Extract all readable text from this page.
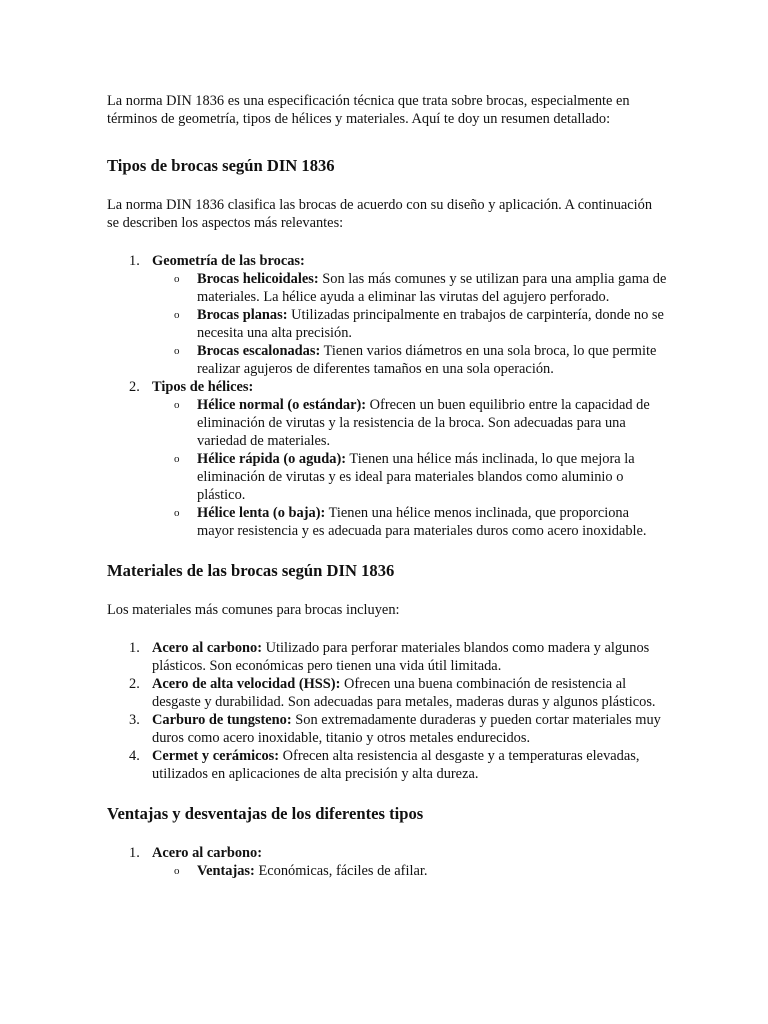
La norma DIN 1836 es una especificación técnica que trata sobre brocas, especialmente en términos de geometría, tipos de hélices y materiales. Aquí te doy un resumen detallado:

Tipos de brocas según DIN 1836

La norma DIN 1836 clasifica las brocas de acuerdo con su diseño y aplicación. A continuación se describen los aspectos más relevantes:

1. Geometría de las brocas:
o Brocas helicoidales: Son las más comunes y se utilizan para una amplia gama de materiales. La hélice ayuda a eliminar las virutas del agujero perforado.
o Brocas planas: Utilizadas principalmente en trabajos de carpintería, donde no se necesita una alta precisión.
o Brocas escalonadas: Tienen varios diámetros en una sola broca, lo que permite realizar agujeros de diferentes tamaños en una sola operación.
2. Tipos de hélices:
o Hélice normal (o estándar): Ofrecen un buen equilibrio entre la capacidad de eliminación de virutas y la resistencia de la broca. Son adecuadas para una variedad de materiales.
o Hélice rápida (o aguda): Tienen una hélice más inclinada, lo que mejora la eliminación de virutas y es ideal para materiales blandos como aluminio o plástico.
o Hélice lenta (o baja): Tienen una hélice menos inclinada, que proporciona mayor resistencia y es adecuada para materiales duros como acero inoxidable.
Materiales de las brocas según DIN 1836

Los materiales más comunes para brocas incluyen:

1. Acero al carbono: Utilizado para perforar materiales blandos como madera y algunos plásticos. Son económicas pero tienen una vida útil limitada.
2. Acero de alta velocidad (HSS): Ofrecen una buena combinación de resistencia al desgaste y durabilidad. Son adecuadas para metales, maderas duras y algunos plásticos.
3. Carburo de tungsteno: Son extremadamente duraderas y pueden cortar materiales muy duros como acero inoxidable, titanio y otros metales endurecidos.
4. Cermet y cerámicos: Ofrecen alta resistencia al desgaste y a temperaturas elevadas, utilizados en aplicaciones de alta precisión y alta dureza.
Ventajas y desventajas de los diferentes tipos
1. Acero al carbono:
o Ventajas: Económicas, fáciles de afilar.
